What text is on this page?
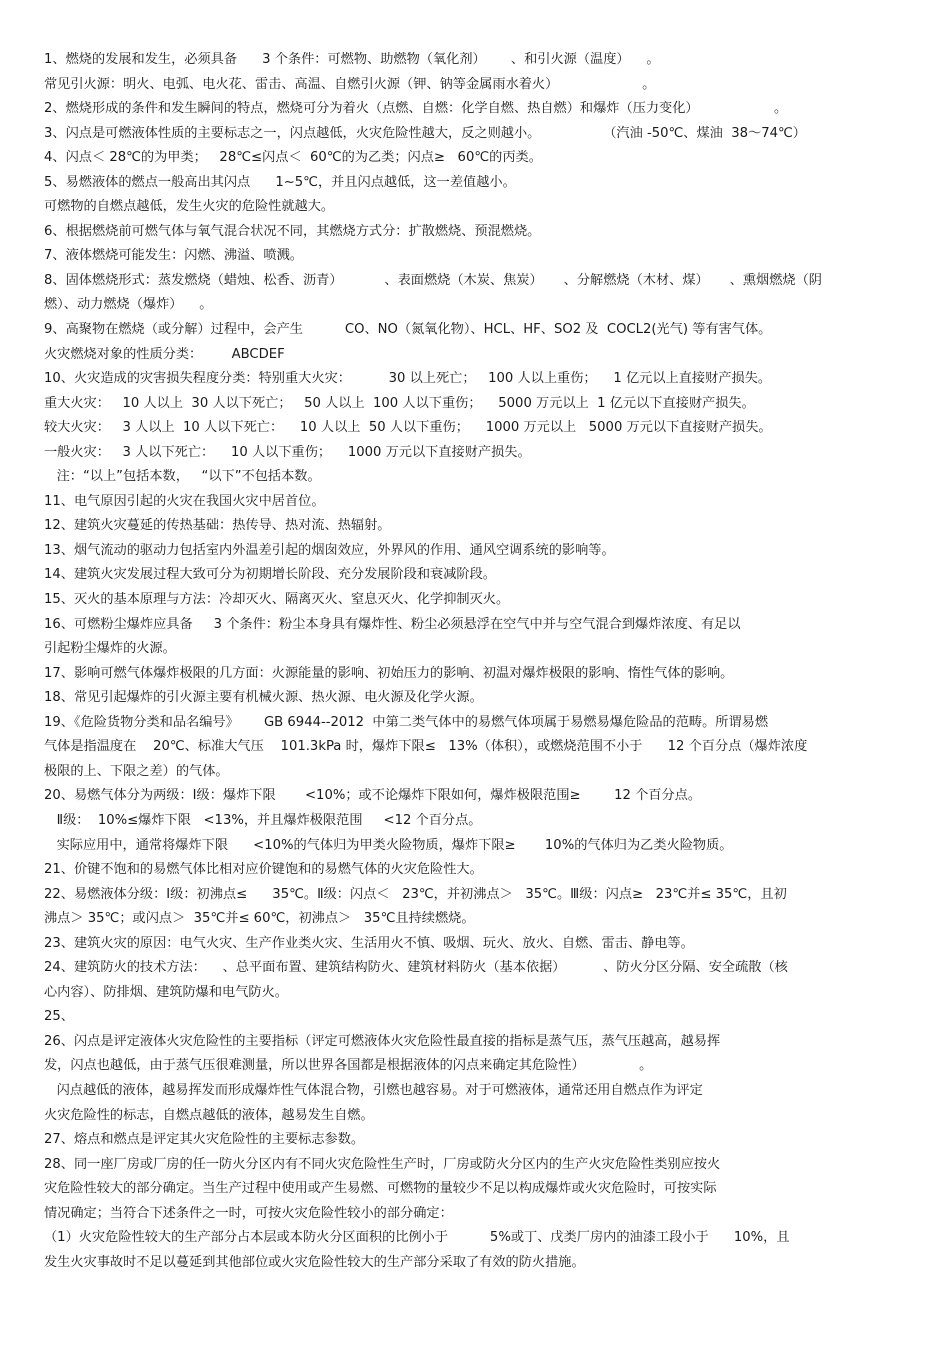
1、燃烧的发展和发生，必须具备      3 个条件：可燃物、助燃物（氧化剂）      、和引火源（温度）    。
常见引火源：明火、电弧、电火花、雷击、高温、自燃引火源（钾、钠等金属雨水着火）                    。
2、燃烧形成的条件和发生瞬间的特点，燃烧可分为着火（点燃、自燃：化学自燃、热自燃）和爆炸（压力变化）                  。
3、闪点是可燃液体性质的主要标志之一，闪点越低，火灾危险性越大，反之则越小。               （汽油 -50℃、煤油  38～74℃）
4、闪点＜ 28℃的为甲类；   28℃≤闪点＜  60℃的为乙类；闪点≥   60℃的丙类。
5、易燃液体的燃点一般高出其闪点      1~5℃，并且闪点越低，这一差值越小。
可燃物的自燃点越低，发生火灾的危险性就越大。
6、根据燃烧前可燃气体与氧气混合状况不同，其燃烧方式分：扩散燃烧、预混燃烧。
7、液体燃烧可能发生：闪燃、沸溢、喷溅。
8、固体燃烧形式：蒸发燃烧（蜡烛、松香、沥青）          、表面燃烧（木炭、焦炭）     、分解燃烧（木材、煤）     、熏烟燃烧（阴
燃）、动力燃烧（爆炸）    。
9、高聚物在燃烧（或分解）过程中，会产生          CO、NO（氮氧化物）、HCL、HF、SO2 及  COCL2(光气) 等有害气体。
火灾燃烧对象的性质分类：       ABCDEF
10、火灾造成的灾害损失程度分类：特别重大火灾：         30 以上死亡；   100 人以上重伤；    1 亿元以上直接财产损失。
重大火灾：   10 人以上  30 人以下死亡；   50 人以上  100 人以下重伤；    5000 万元以上  1 亿元以下直接财产损失。
较大火灾：   3 人以上  10 人以下死亡：    10 人以上  50 人以下重伤；    1000 万元以上   5000 万元以下直接财产损失。
一般火灾：   3 人以下死亡：    10 人以下重伤；    1000 万元以下直接财产损失。
注：“以上”包括本数，   “以下”不包括本数。
11、电气原因引起的火灾在我国火灾中居首位。
12、建筑火灾蔓延的传热基础：热传导、热对流、热辐射。
13、烟气流动的驱动力包括室内外温差引起的烟囱效应，外界风的作用、通风空调系统的影响等。
14、建筑火灾发展过程大致可分为初期增长阶段、充分发展阶段和衰减阶段。
15、灭火的基本原理与方法：冷却灭火、隔离灭火、窒息灭火、化学抑制灭火。
16、可燃粉尘爆炸应具备     3 个条件：粉尘本身具有爆炸性、粉尘必须悬浮在空气中并与空气混合到爆炸浓度、有足以
引起粉尘爆炸的火源。
17、影响可燃气体爆炸极限的几方面：火源能量的影响、初始压力的影响、初温对爆炸极限的影响、惰性气体的影响。
18、常见引起爆炸的引火源主要有机械火源、热火源、电火源及化学火源。
19、《危险货物分类和品名编号》      GB 6944--2012  中第二类气体中的易燃气体项属于易燃易爆危险品的范畴。所谓易燃
气体是指温度在    20℃、标准大气压    101.3kPa 时，爆炸下限≤   13%（体积），或燃烧范围不小于      12 个百分点（爆炸浓度
极限的上、下限之差）的气体。
20、易燃气体分为两级：Ⅰ级：爆炸下限       <10%；或不论爆炸下限如何，爆炸极限范围≥        12 个百分点。
Ⅱ级：  10%≤爆炸下限   <13%，并且爆炸极限范围     <12 个百分点。
实际应用中，通常将爆炸下限      <10%的气体归为甲类火险物质，爆炸下限≥       10%的气体归为乙类火险物质。
21、价键不饱和的易燃气体比相对应价键饱和的易燃气体的火灾危险性大。
22、易燃液体分级：Ⅰ级：初沸点≤      35℃。Ⅱ级：闪点＜   23℃，并初沸点＞   35℃。Ⅲ级：闪点≥   23℃并≤ 35℃，且初
沸点＞ 35℃；或闪点＞  35℃并≤ 60℃，初沸点＞   35℃且持续燃烧。
23、建筑火灾的原因：电气火灾、生产作业类火灾、生活用火不慎、吸烟、玩火、放火、自燃、雷击、静电等。
24、建筑防火的技术方法：    、总平面布置、建筑结构防火、建筑材料防火（基本依据）         、防火分区分隔、安全疏散（核
心内容）、防排烟、建筑防爆和电气防火。
25、
26、闪点是评定液体火灾危险性的主要指标（评定可燃液体火灾危险性最直接的指标是蒸气压，蒸气压越高，越易挥
发，闪点也越低，由于蒸气压很难测量，所以世界各国都是根据液体的闪点来确定其危险性）             。
闪点越低的液体，越易挥发而形成爆炸性气体混合物，引燃也越容易。对于可燃液体，通常还用自燃点作为评定
火灾危险性的标志，自燃点越低的液体，越易发生自燃。
27、熔点和燃点是评定其火灾危险性的主要标志参数。
28、同一座厂房或厂房的任一防火分区内有不同火灾危险性生产时，厂房或防火分区内的生产火灾危险性类别应按火
灾危险性较大的部分确定。当生产过程中使用或产生易燃、可燃物的量较少不足以构成爆炸或火灾危险时，可按实际
情况确定；当符合下述条件之一时，可按火灾危险性较小的部分确定：
（1）火灾危险性较大的生产部分占本层或本防火分区面积的比例小于          5%或丁、戊类厂房内的油漆工段小于      10%，且
发生火灾事故时不足以蔓延到其他部位或火灾危险性较大的生产部分采取了有效的防火措施。
